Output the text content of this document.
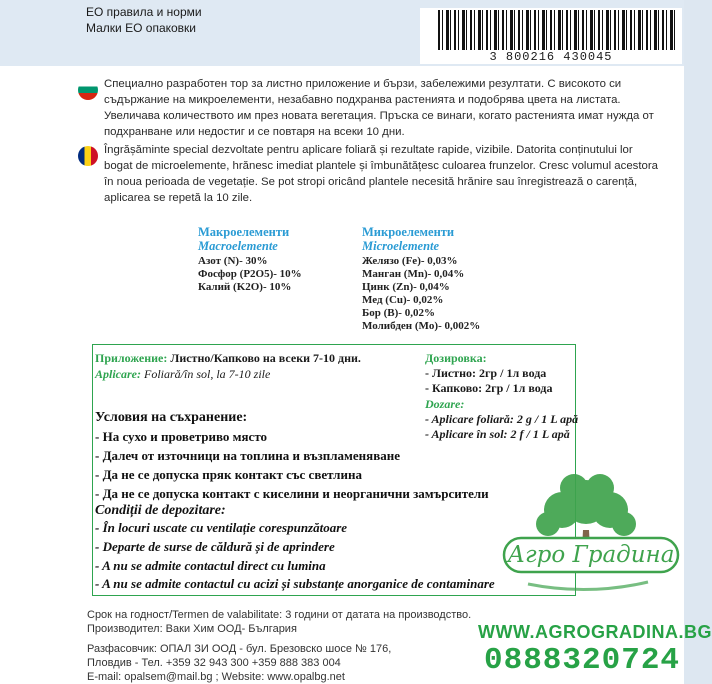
ЕО правила и норми
Малки ЕО опаковки
3 800216 430045
Специално разработен тор за листно приложение и бързи, забележими резултати. С високото си съдържание на микроелементи, незабавно подхранва растенията и подобрява цвета на листата. Увеличава количеството им през новата вегетация. Пръска се винаги, когато растенията имат нужда от подхранване или недостиг и се повтаря на всеки 10 дни.
Îngrășăminte special dezvoltate pentru aplicare foliară și rezultate rapide, vizibile. Datorita conținutului lor bogat de microelemente, hrănesc imediat plantele și îmbunătățesc culoarea frunzelor. Cresc volumul acestora în noua perioada de vegetație. Se pot stropi oricând plantele necesită hrănire sau înregistrează o carență, aplicarea se repetă la 10 zile.
Макроелементи
Macroelemente
Азот (N)- 30%
Фосфор (P2O5)- 10%
Калий (K2O)- 10%
Микроелементи
Microelemente
Желязо (Fe)- 0,03%
Манган (Mn)- 0,04%
Цинк (Zn)- 0,04%
Мед (Cu)- 0,02%
Бор (B)- 0,02%
Молибден (Mo)- 0,002%
Приложение: Листно/Капково на всеки 7-10 дни.
Aplicare: Foliară/în sol, la 7-10 zile
Дозировка:
- Листно: 2гр / 1л вода
- Капково: 2гр / 1л вода
Dozare:
- Aplicare foliară: 2 g / 1 L apă
- Aplicare în sol: 2 f / 1 L apă
Условия на съхранение:
- На сухо и проветриво място
- Далеч от източници на топлина и възпламеняване
- Да не се допуска пряк контакт със светлина
- Да не се допуска контакт с киселини и неорганични замърсители
Condiții de depozitare:
- În locuri uscate cu ventilație corespunzătoare
- Departe de surse de căldură și de aprindere
- A nu se admite contactul direct cu lumina
- A nu se admite contactul cu acizi și substanțe anorganice de contaminare
Срок на годност/Termen de valabilitate: 3 години от датата на производство.
Производител: Ваки Хим ООД- България
Разфасовчик: ОПАЛ ЗИ ООД - бул. Брезовско шосе № 176,
Пловдив - Тел. +359 32 943 300 +359 888 383 004
E-mail: opalsem@mail.bg ; Website: www.opalbg.net
Агро Градина
WWW.AGROGRADINA.BG
0888320724
